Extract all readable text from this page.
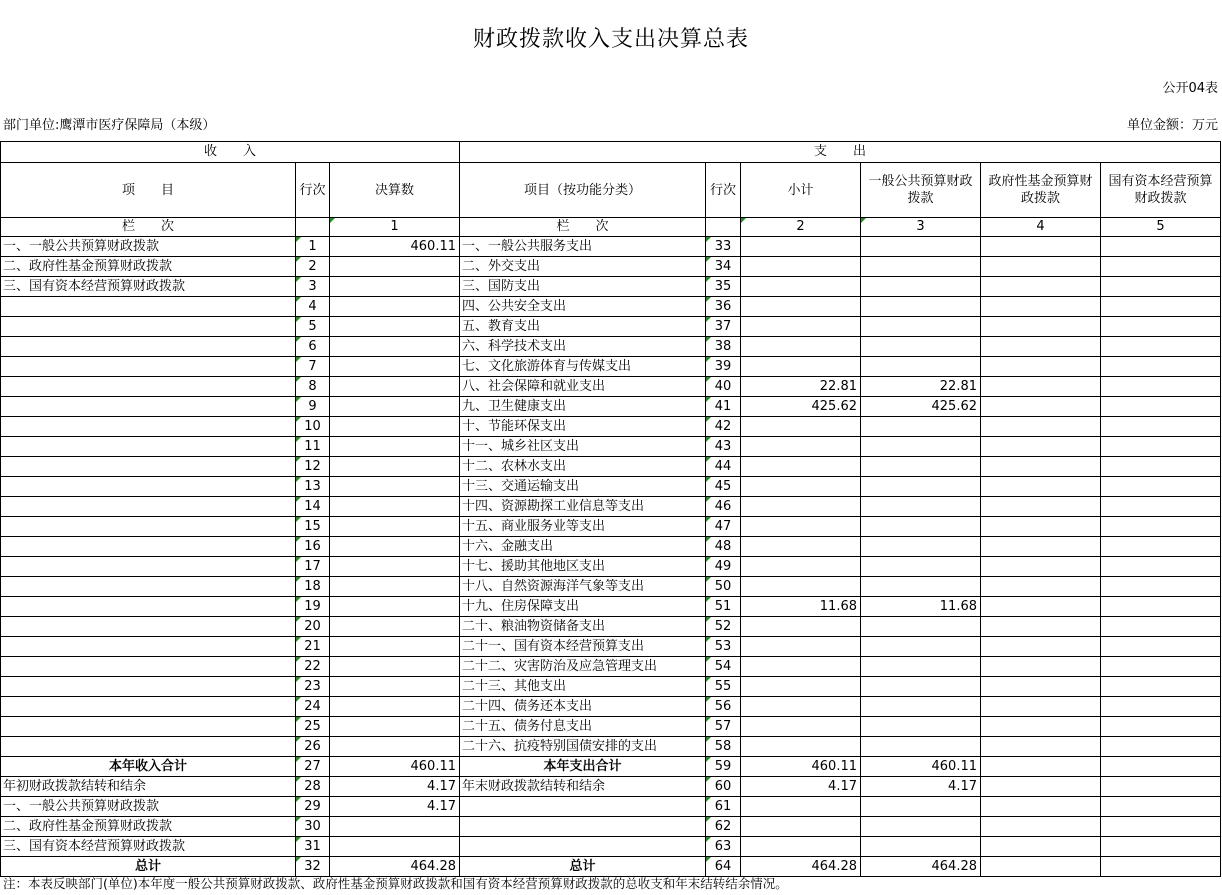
财政拨款收入支出决算总表
公开04表
部门单位:鹰潭市医疗保障局（本级）	单位金额：万元
收　　入			支　　出					
项　　目	行次	决算数	项目（按功能分类）	行次	小计	一般公共预算财政拨款	政府性基金预算财政拨款	国有资本经营预算财政拨款
栏　　次		1	栏　　次		2	3	4	5
一、一般公共预算财政拨款	1	460.11	一、一般公共服务支出	33				
二、政府性基金预算财政拨款	2		二、外交支出	34				
三、国有资本经营预算财政拨款	3		三、国防支出	35				
	4		四、公共安全支出	36				
	5		五、教育支出	37				
	6		六、科学技术支出	38				
	7		七、文化旅游体育与传媒支出	39				
	8		八、社会保障和就业支出	40	22.81	22.81		
	9		九、卫生健康支出	41	425.62	425.62		
	10		十、节能环保支出	42				
	11		十一、城乡社区支出	43				
	12		十二、农林水支出	44				
	13		十三、交通运输支出	45				
	14		十四、资源勘探工业信息等支出	46				
	15		十五、商业服务业等支出	47				
	16		十六、金融支出	48				
	17		十七、援助其他地区支出	49				
	18		十八、自然资源海洋气象等支出	50				
	19		十九、住房保障支出	51	11.68	11.68		
	20		二十、粮油物资储备支出	52				
	21		二十一、国有资本经营预算支出	53				
	22		二十二、灾害防治及应急管理支出	54				
	23		二十三、其他支出	55				
	24		二十四、债务还本支出	56				
	25		二十五、债务付息支出	57				
	26		二十六、抗疫特别国债安排的支出	58				
本年收入合计	27	460.11	本年支出合计	59	460.11	460.11		
年初财政拨款结转和结余	28	4.17	年末财政拨款结转和结余	60	4.17	4.17		
一、一般公共预算财政拨款	29	4.17		61				
二、政府性基金预算财政拨款	30			62				
三、国有资本经营预算财政拨款	31			63				
总计	32	464.28	总计	64	464.28	464.28		
注：本表反映部门(单位)本年度一般公共预算财政拨款、政府性基金预算财政拨款和国有资本经营预算财政拨款的总收支和年末结转结余情况。
